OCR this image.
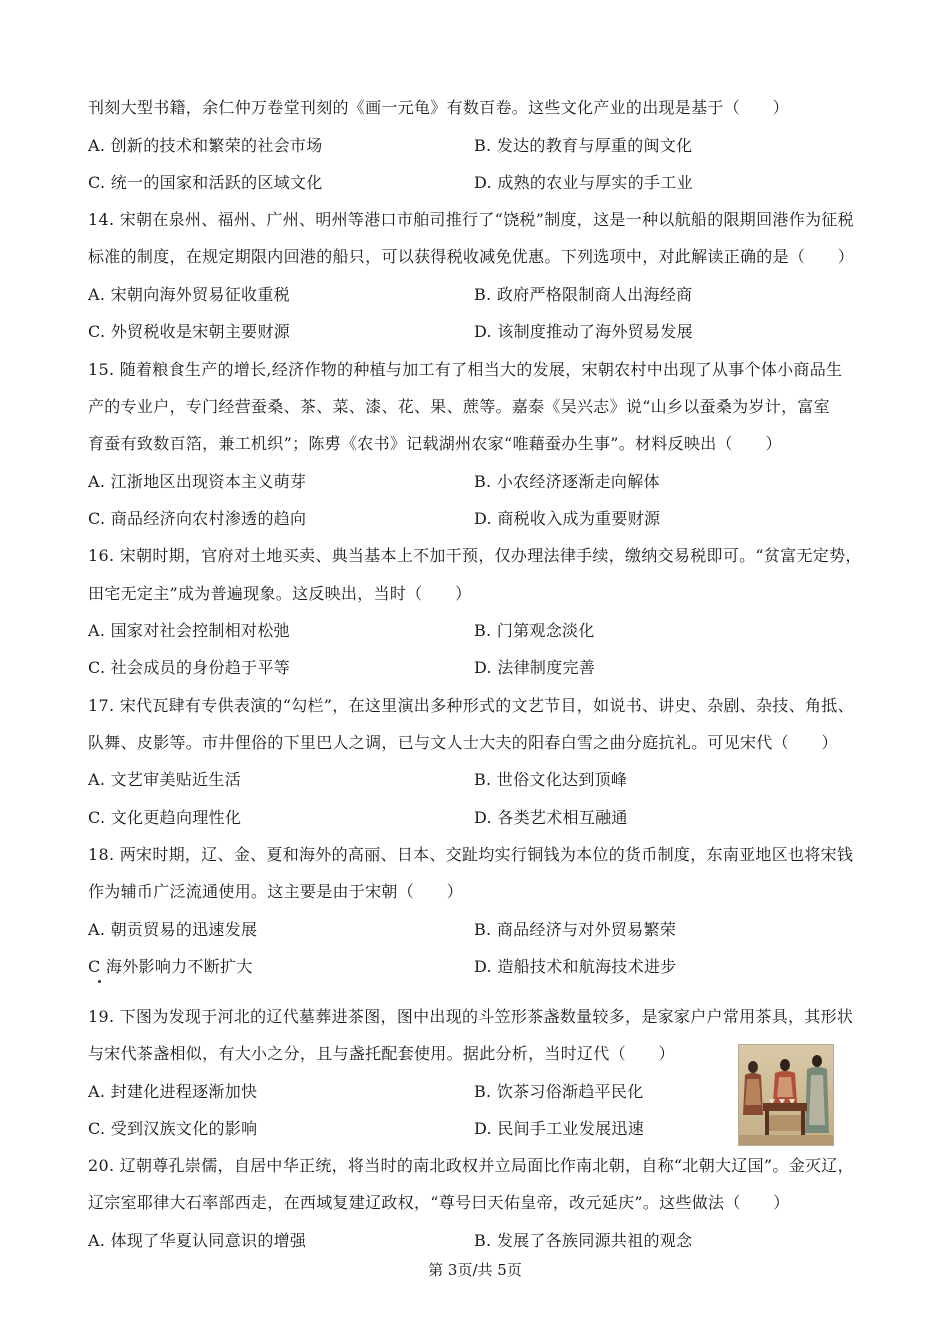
刊刻大型书籍，余仁仲万卷堂刊刻的《画一元龟》有数百卷。这些文化产业的出现是基于（　　）
A. 创新的技术和繁荣的社会市场	B. 发达的教育与厚重的闽文化
C. 统一的国家和活跃的区域文化	D. 成熟的农业与厚实的手工业
14. 宋朝在泉州、福州、广州、明州等港口市舶司推行了“饶税”制度，这是一种以航船的限期回港作为征税
标准的制度，在规定期限内回港的船只，可以获得税收减免优惠。下列选项中，对此解读正确的是（　　）
A. 宋朝向海外贸易征收重税	B. 政府严格限制商人出海经商
C. 外贸税收是宋朝主要财源	D. 该制度推动了海外贸易发展
15. 随着粮食生产的增长,经济作物的种植与加工有了相当大的发展，宋朝农村中出现了从事个体小商品生
产的专业户，专门经营蚕桑、茶、菜、漆、花、果、蔗等。嘉泰《吴兴志》说“山乡以蚕桑为岁计，富室
育蚕有致数百箔，兼工机织”；陈旉《农书》记载湖州农家“唯藉蚕办生事”。材料反映出（　　）
A. 江浙地区出现资本主义萌芽	B. 小农经济逐渐走向解体
C. 商品经济向农村渗透的趋向	D. 商税收入成为重要财源
16. 宋朝时期，官府对土地买卖、典当基本上不加干预，仅办理法律手续，缴纳交易税即可。“贫富无定势，
田宅无定主”成为普遍现象。这反映出，当时（　　）
A. 国家对社会控制相对松弛	B. 门第观念淡化
C. 社会成员的身份趋于平等	D. 法律制度完善
17. 宋代瓦肆有专供表演的“勾栏”，在这里演出多种形式的文艺节目，如说书、讲史、杂剧、杂技、角抵、
队舞、皮影等。市井俚俗的下里巴人之调，已与文人士大夫的阳春白雪之曲分庭抗礼。可见宋代（　　）
A. 文艺审美贴近生活	B. 世俗文化达到顶峰
C. 文化更趋向理性化	D. 各类艺术相互融通
18. 两宋时期，辽、金、夏和海外的高丽、日本、交趾均实行铜钱为本位的货币制度，东南亚地区也将宋钱
作为辅币广泛流通使用。这主要是由于宋朝（　　）
A. 朝贡贸易的迅速发展	B. 商品经济与对外贸易繁荣
C 海外影响力不断扩大	D. 造船技术和航海技术进步
19. 下图为发现于河北的辽代墓葬进茶图，图中出现的斗笠形茶盏数量较多，是家家户户常用茶具，其形状
与宋代茶盏相似，有大小之分，且与盏托配套使用。据此分析，当时辽代（　　）
A. 封建化进程逐渐加快	B. 饮茶习俗渐趋平民化
C. 受到汉族文化的影响	D. 民间手工业发展迅速
20. 辽朝尊孔崇儒，自居中华正统，将当时的南北政权并立局面比作南北朝，自称“北朝大辽国”。金灭辽，
辽宗室耶律大石率部西走，在西域复建辽政权，“尊号曰天佑皇帝，改元延庆”。这些做法（　　）
A. 体现了华夏认同意识的增强	B. 发展了各族同源共祖的观念
第 3页/共 5页
